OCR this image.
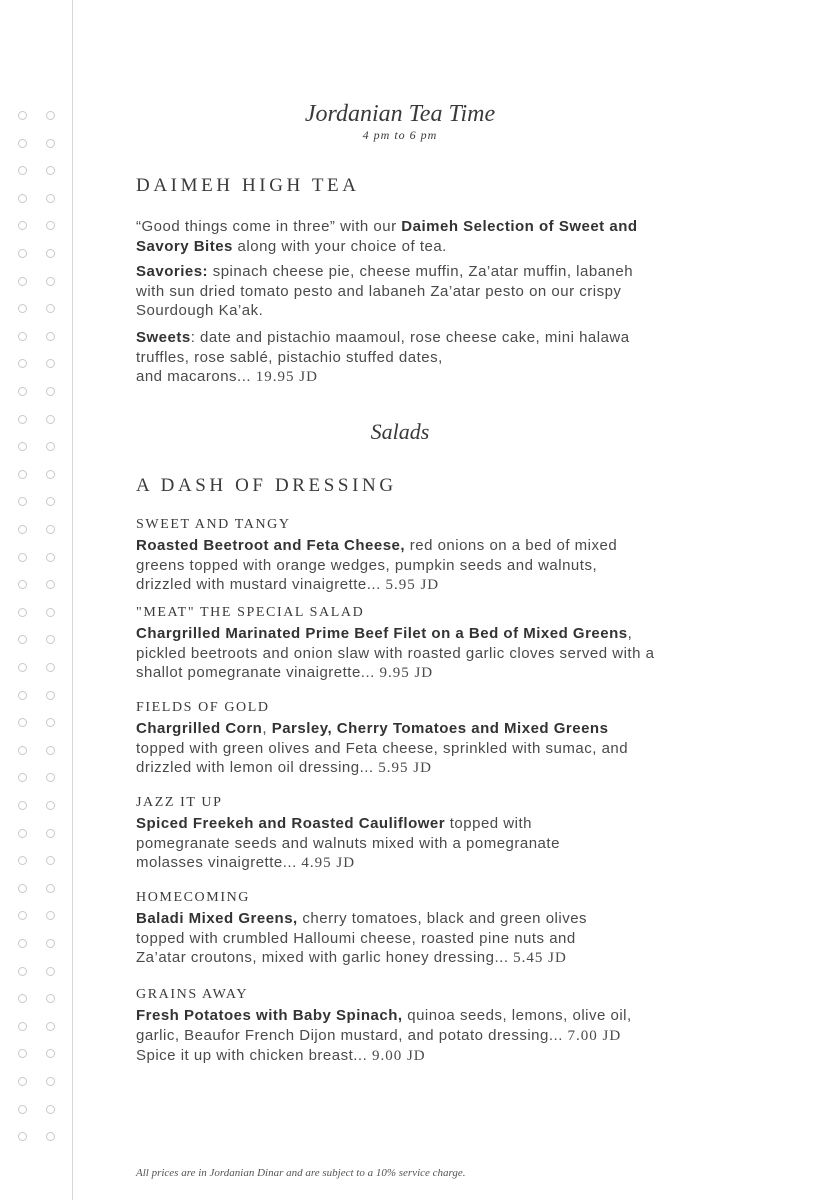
Jordanian Tea Time
4 pm to 6 pm
DAIMEH HIGH TEA
“Good things come in three” with our Daimeh Selection of Sweet and Savory Bites along with your choice of tea.
Savories: spinach cheese pie, cheese muffin, Za’atar muffin, labaneh with sun dried tomato pesto and labaneh Za’atar pesto on our crispy Sourdough Ka’ak.
Sweets: date and pistachio maamoul, rose cheese cake, mini halawa truffles, rose sablé, pistachio stuffed dates,
and macarons... 19.95 JD
Salads
A DASH OF DRESSING
SWEET AND TANGY
Roasted Beetroot and Feta Cheese, red onions on a bed of mixed greens topped with orange wedges, pumpkin seeds and walnuts, drizzled with mustard vinaigrette... 5.95 JD
"MEAT" THE SPECIAL SALAD
Chargrilled Marinated Prime Beef Filet on a Bed of Mixed Greens, pickled beetroots and onion slaw with roasted garlic cloves served with a shallot pomegranate vinaigrette... 9.95 JD
FIELDS OF GOLD
Chargrilled Corn, Parsley, Cherry Tomatoes and Mixed Greens topped with green olives and Feta cheese, sprinkled with sumac, and drizzled with lemon oil dressing... 5.95 JD
JAZZ IT UP
Spiced Freekeh and Roasted Cauliflower topped with pomegranate seeds and walnuts mixed with a pomegranate molasses vinaigrette... 4.95 JD
HOMECOMING
Baladi Mixed Greens, cherry tomatoes, black and green olives topped with crumbled Halloumi cheese, roasted pine nuts and Za’atar croutons, mixed with garlic honey dressing... 5.45 JD
GRAINS AWAY
Fresh Potatoes with Baby Spinach, quinoa seeds, lemons, olive oil, garlic, Beaufor French Dijon mustard, and potato dressing... 7.00 JD
Spice it up with chicken breast... 9.00 JD
All prices are in Jordanian Dinar and are subject to a 10% service charge.
